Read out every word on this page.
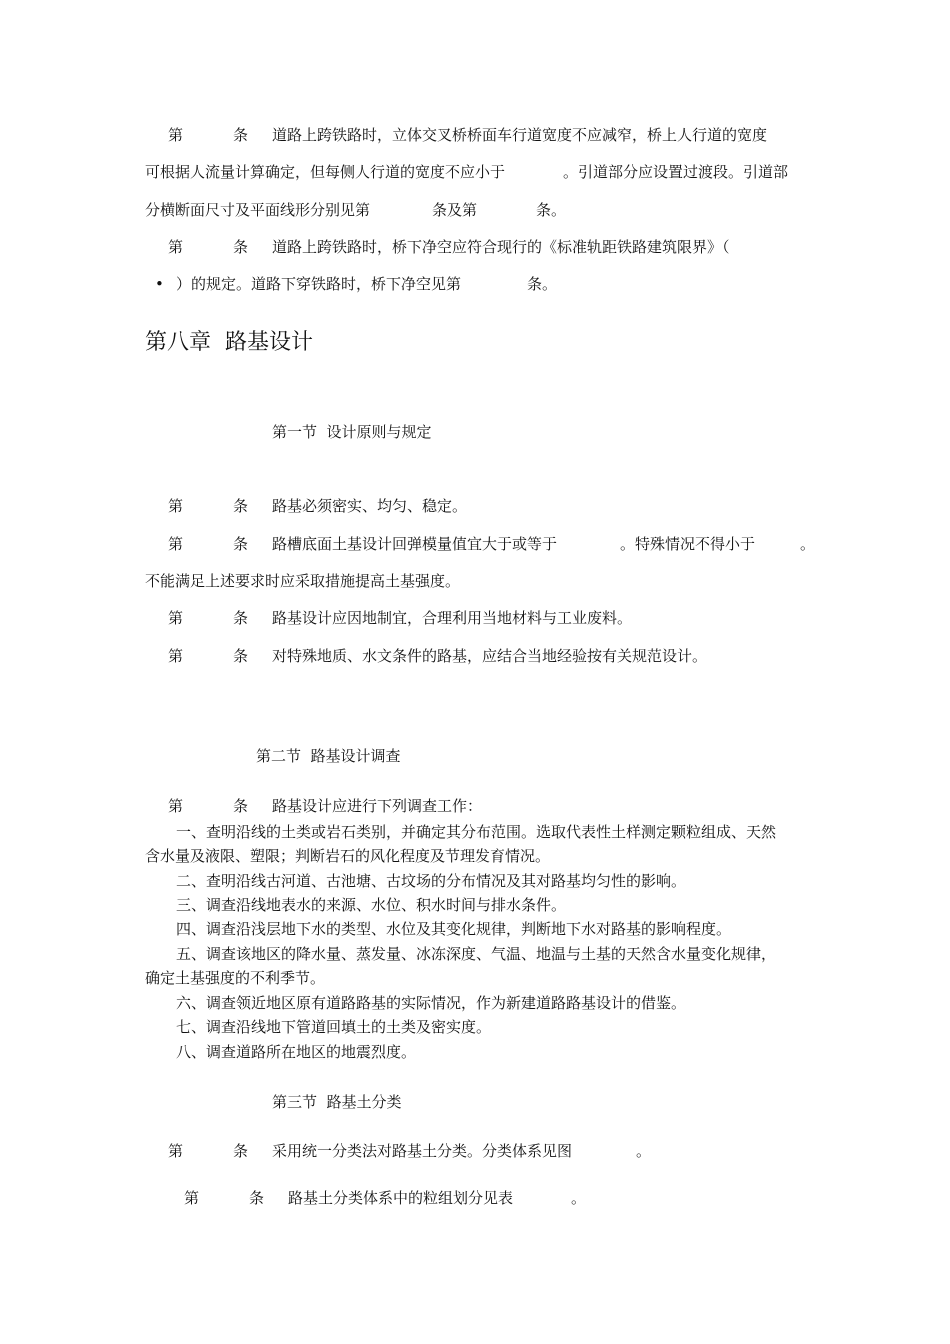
第	条 道路上跨铁路时，立体交叉桥桥面车行道宽度不应减窄，桥上人行道的宽度
可根据人流量计算确定，但每侧人行道的宽度不应小于	。引道部分应设置过渡段。引道部
分横断面尺寸及平面线形分别见第	条及第	条。
第	条 道路上跨铁路时，桥下净空应符合现行的《标准轨距铁路建筑限界》（
• ）的规定。道路下穿铁路时，桥下净空见第	条。
第八章  路基设计
第一节  设计原则与规定
第	条 路基必须密实、均匀、稳定。
第	条 路槽底面土基设计回弹模量值宜大于或等于	。特殊情况不得小于	。
不能满足上述要求时应采取措施提高土基强度。
第	条 路基设计应因地制宜，合理利用当地材料与工业废料。
第	条 对特殊地质、水文条件的路基，应结合当地经验按有关规范设计。
第二节  路基设计调查
第	条 路基设计应进行下列调查工作：
一、查明沿线的土类或岩石类别，并确定其分布范围。选取代表性土样测定颗粒组成、天然
含水量及液限、塑限；判断岩石的风化程度及节理发育情况。
二、查明沿线古河道、古池塘、古坟场的分布情况及其对路基均匀性的影响。
三、调查沿线地表水的来源、水位、积水时间与排水条件。
四、调查沿浅层地下水的类型、水位及其变化规律，判断地下水对路基的影响程度。
五、调查该地区的降水量、蒸发量、冰冻深度、气温、地温与土基的天然含水量变化规律，
确定土基强度的不利季节。
六、调查领近地区原有道路路基的实际情况，作为新建道路路基设计的借鉴。
七、调查沿线地下管道回填土的土类及密实度。
八、调查道路所在地区的地震烈度。
第三节  路基土分类
第	条 采用统一分类法对路基土分类。分类体系见图	。
第	条 路基土分类体系中的粒组划分见表	。
